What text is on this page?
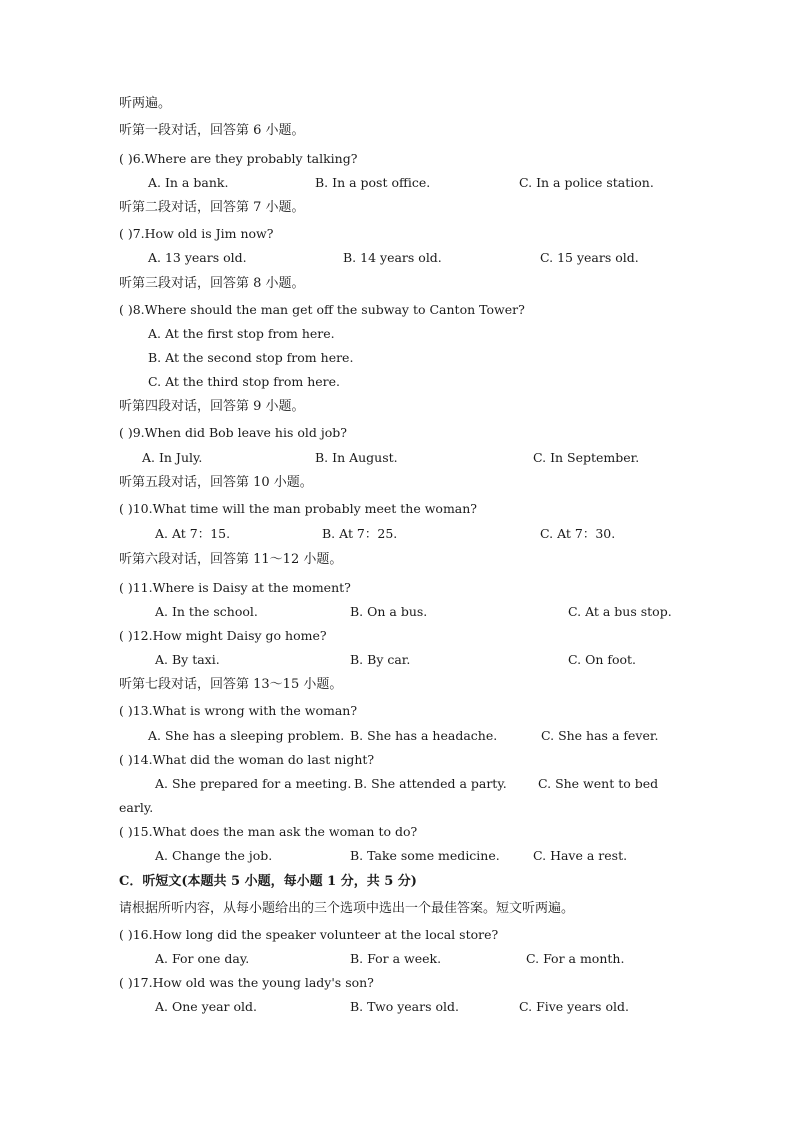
听两遍。
听第一段对话，回答第 6 小题。
( )6.Where are they probably talking?
A. In a bank.	B. In a post office.	C. In a police station.
听第二段对话，回答第 7 小题。
( )7.How old is Jim now?
A. 13 years old.	B. 14 years old.	C. 15 years old.
听第三段对话，回答第 8 小题。
( )8.Where should the man get off the subway to Canton Tower?
A. At the first stop from here.
B. At the second stop from here.
C. At the third stop from here.
听第四段对话，回答第 9 小题。
( )9.When did Bob leave his old job?
A. In July.	B. In August.	C. In September.
听第五段对话，回答第 10 小题。
( )10.What time will the man probably meet the woman?
A. At 7：15.	B. At 7：25.	C. At 7：30.
听第六段对话，回答第 11～12 小题。
( )11.Where is Daisy at the moment?
A. In the school.	B. On a bus.	C. At a bus stop.
( )12.How might Daisy go home?
A. By taxi.	B. By car.	C. On foot.
听第七段对话，回答第 13～15 小题。
( )13.What is wrong with the woman?
A. She has a sleeping problem. B. She has a headache.	C. She has a fever.
( )14.What did the woman do last night?
A. She prepared for a meeting. B. She attended a party.	C. She went to bed
early.
( )15.What does the man ask the woman to do?
A. Change the job.	B. Take some medicine.	C. Have a rest.
C．听短文(本题共 5 小题，每小题 1 分，共 5 分)
请根据所听内容，从每小题给出的三个选项中选出一个最佳答案。短文听两遍。
( )16.How long did the speaker volunteer at the local store?
A. For one day.	B. For a week.	C. For a month.
( )17.How old was the young lady's son?
A. One year old.	B. Two years old.	C. Five years old.
